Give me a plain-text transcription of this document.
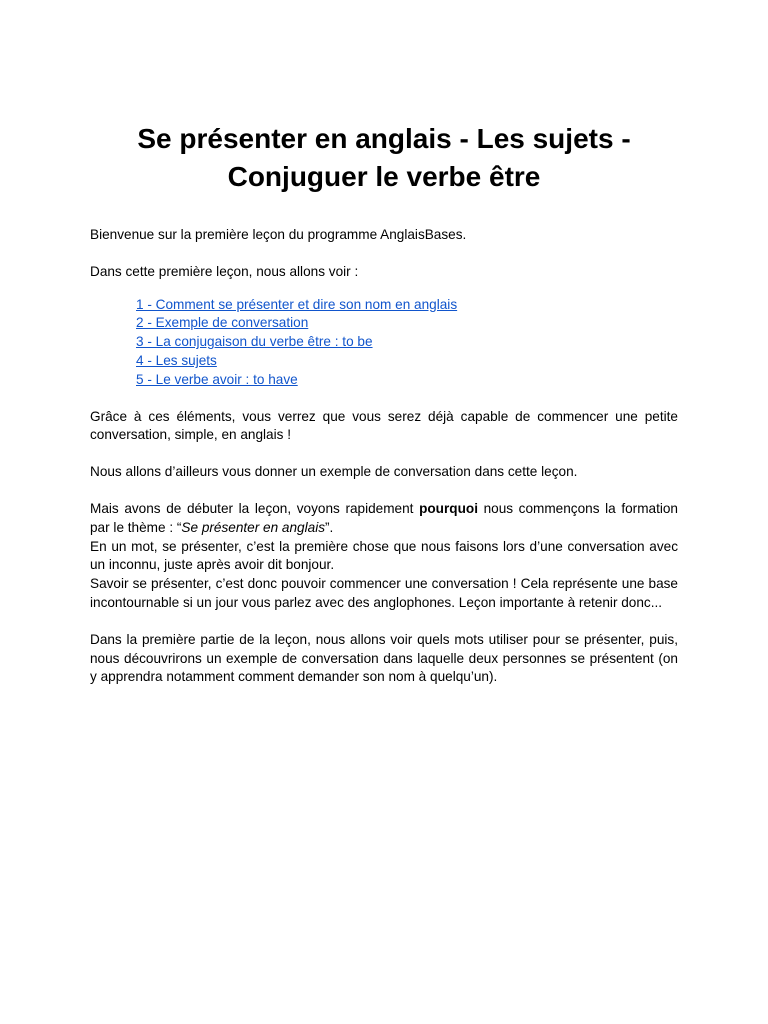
Se présenter en anglais - Les sujets -
Conjuguer le verbe être

Bienvenue sur la première leçon du programme AnglaisBases.

Dans cette première leçon, nous allons voir :

1 - Comment se présenter et dire son nom en anglais
2 - Exemple de conversation
3 - La conjugaison du verbe être : to be
4 - Les sujets
5 - Le verbe avoir : to have

Grâce à ces éléments, vous verrez que vous serez déjà capable de commencer une petite conversation, simple, en anglais !

Nous allons d’ailleurs vous donner un exemple de conversation dans cette leçon.

Mais avons de débuter la leçon, voyons rapidement pourquoi nous commençons la formation par le thème : “Se présenter en anglais”.

En un mot, se présenter, c’est la première chose que nous faisons lors d’une conversation avec un inconnu, juste après avoir dit bonjour.

Savoir se présenter, c’est donc pouvoir commencer une conversation ! Cela représente une base incontournable si un jour vous parlez avec des anglophones. Leçon importante à retenir donc...

Dans la première partie de la leçon, nous allons voir quels mots utiliser pour se présenter, puis, nous découvrirons un exemple de conversation dans laquelle deux personnes se présentent (on y apprendra notamment comment demander son nom à quelqu’un).
